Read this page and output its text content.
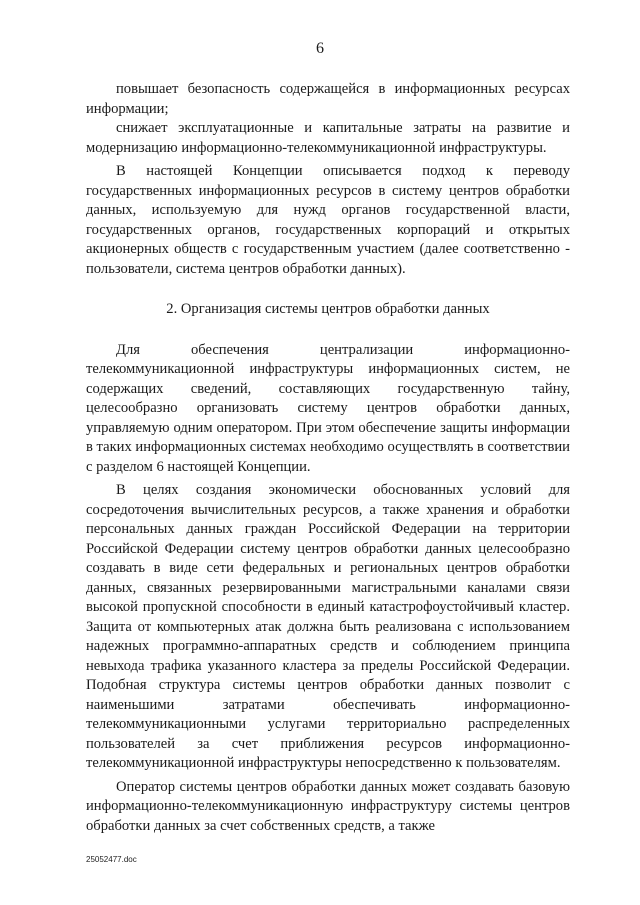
6

повышает безопасность содержащейся в информационных ресурсах информации;

снижает эксплуатационные и капитальные затраты на развитие и модернизацию информационно-телекоммуникационной инфраструктуры.

В настоящей Концепции описывается подход к переводу государственных информационных ресурсов в систему центров обработки данных, используемую для нужд органов государственной власти, государственных органов, государственных корпораций и открытых акционерных обществ с государственным участием (далее соответственно - пользователи, система центров обработки данных).

2. Организация системы центров обработки данных

Для обеспечения централизации информационно-телекоммуникационной инфраструктуры информационных систем, не содержащих сведений, составляющих государственную тайну, целесообразно организовать систему центров обработки данных, управляемую одним оператором. При этом обеспечение защиты информации в таких информационных системах необходимо осуществлять в соответствии с разделом 6 настоящей Концепции.

В целях создания экономически обоснованных условий для сосредоточения вычислительных ресурсов, а также хранения и обработки персональных данных граждан Российской Федерации на территории Российской Федерации систему центров обработки данных целесообразно создавать в виде сети федеральных и региональных центров обработки данных, связанных резервированными магистральными каналами связи высокой пропускной способности в единый катастрофоустойчивый кластер. Защита от компьютерных атак должна быть реализована с использованием надежных программно-аппаратных средств и соблюдением принципа невыхода трафика указанного кластера за пределы Российской Федерации. Подобная структура системы центров обработки данных позволит с наименьшими затратами обеспечивать информационно-телекоммуникационными услугами территориально распределенных пользователей за счет приближения ресурсов информационно-телекоммуникационной инфраструктуры непосредственно к пользователям.

Оператор системы центров обработки данных может создавать базовую информационно-телекоммуникационную инфраструктуру системы центров обработки данных за счет собственных средств, а также

25052477.doc
